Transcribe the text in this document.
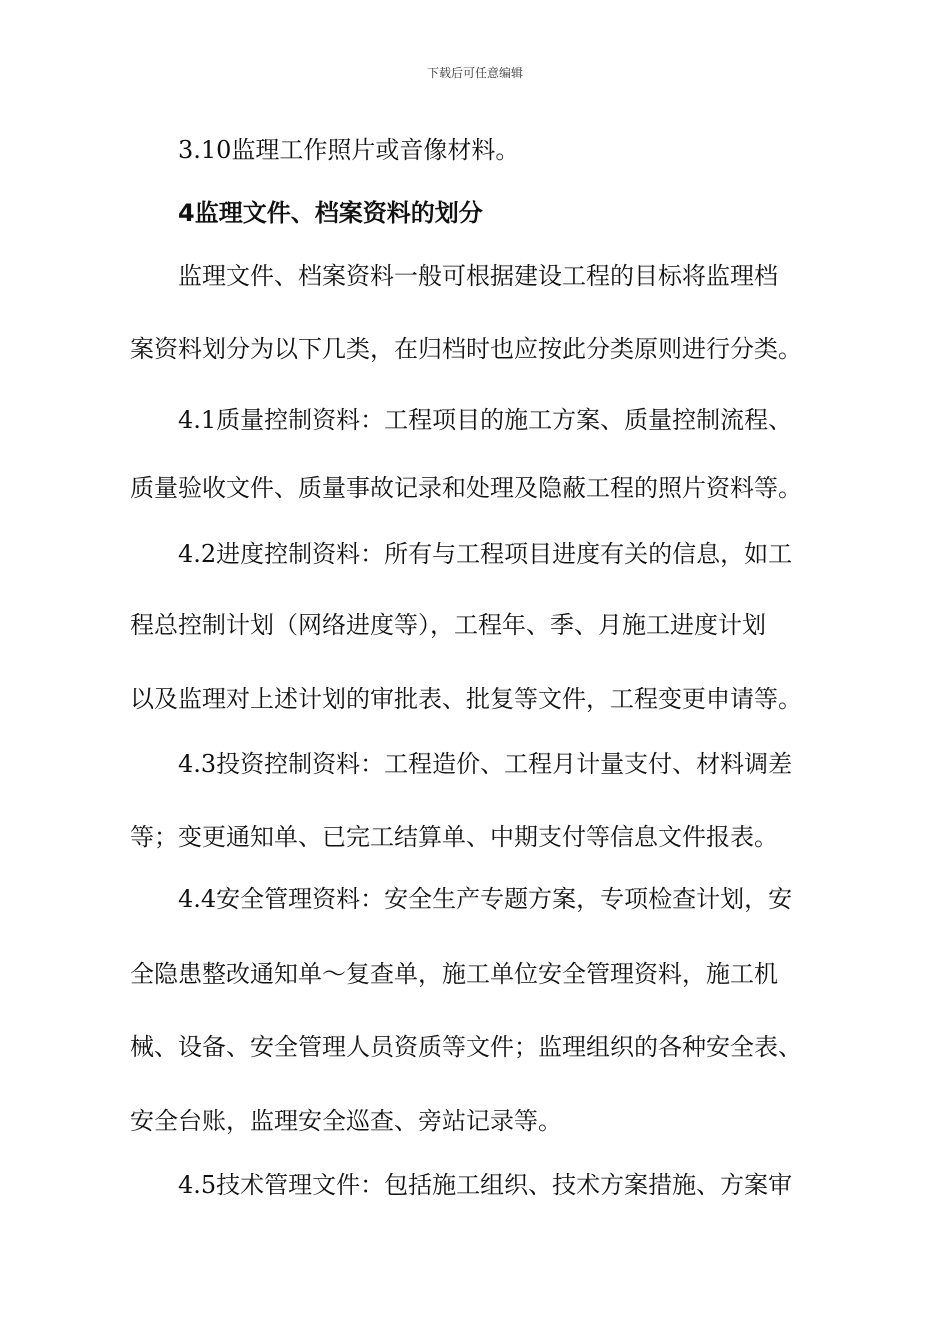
下载后可任意编辑
3.10监理工作照片或音像材料。
4监理文件、档案资料的划分
监理文件、档案资料一般可根据建设工程的目标将监理档
案资料划分为以下几类，在归档时也应按此分类原则进行分类。
4.1质量控制资料：工程项目的施工方案、质量控制流程、
质量验收文件、质量事故记录和处理及隐蔽工程的照片资料等。
4.2进度控制资料：所有与工程项目进度有关的信息，如工
程总控制计划（网络进度等），工程年、季、月施工进度计划
以及监理对上述计划的审批表、批复等文件，工程变更申请等。
4.3投资控制资料：工程造价、工程月计量支付、材料调差
等；变更通知单、已完工结算单、中期支付等信息文件报表。
4.4安全管理资料：安全生产专题方案，专项检查计划，安
全隐患整改通知单～复查单，施工单位安全管理资料，施工机
械、设备、安全管理人员资质等文件；监理组织的各种安全表、
安全台账，监理安全巡查、旁站记录等。
4.5技术管理文件：包括施工组织、技术方案措施、方案审
